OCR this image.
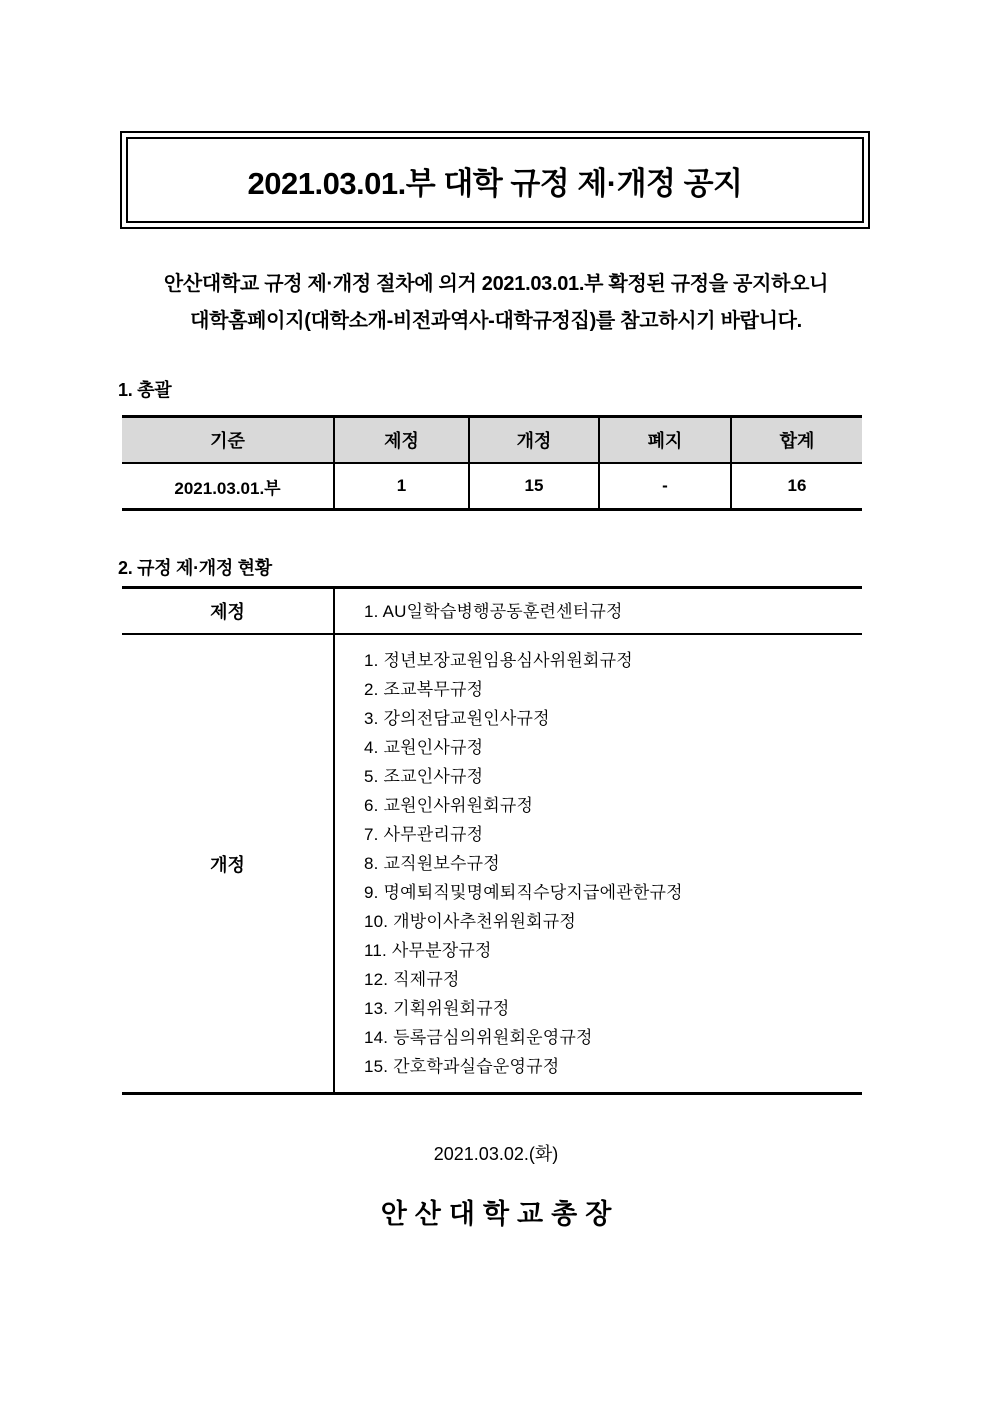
2021.03.01.부 대학 규정 제·개정 공지

안산대학교 규정 제·개정 절차에 의거 2021.03.01.부 확정된 규정을 공지하오니
대학홈페이지(대학소개-비전과역사-대학규정집)를 참고하시기 바랍니다.

1. 총괄
기준	제정	개정	폐지	합계
2021.03.01.부	1	15	-	16
2. 규정 제·개정 현황
제정	1. AU일학습병행공동훈련센터규정

개정	
1. 정년보장교원임용심사위원회규정
2. 조교복무규정
3. 강의전담교원인사규정
4. 교원인사규정
5. 조교인사규정
6. 교원인사위원회규정
7. 사무관리규정
8. 교직원보수규정
9. 명예퇴직및명예퇴직수당지급에관한규정
10. 개방이사추천위원회규정
11. 사무분장규정
12. 직제규정
13. 기획위원회규정
14. 등록금심의위원회운영규정
15. 간호학과실습운영규정

2021.03.02.(화)

안산대학교총장
